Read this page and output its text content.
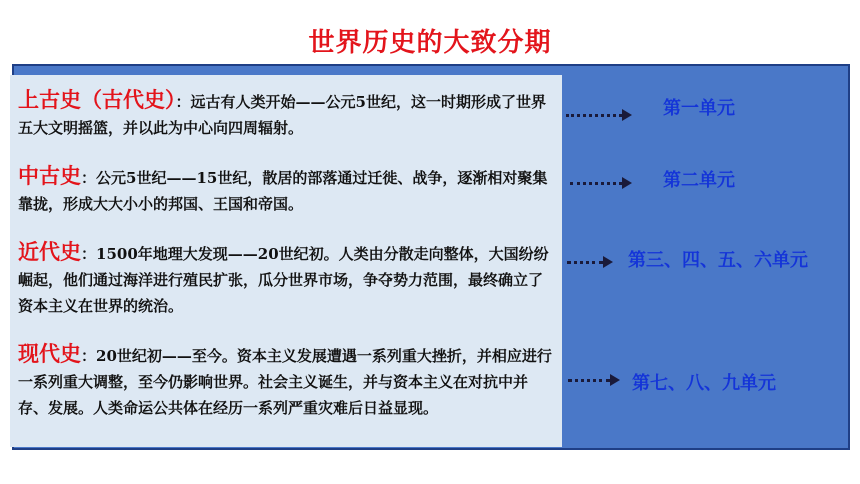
世界历史的大致分期

上古史（古代史）：远古有人类开始——公元5世纪，这一时期形成了世界五大文明摇篮，并以此为中心向四周辐射。

中古史：公元5世纪——15世纪，散居的部落通过迁徙、战争，逐渐相对聚集靠拢，形成大大小小的邦国、王国和帝国。

近代史：1500年地理大发现——20世纪初。人类由分散走向整体，大国纷纷崛起，他们通过海洋进行殖民扩张，瓜分世界市场，争夺势力范围，最终确立了资本主义在世界的统治。

现代史：20世纪初——至今。资本主义发展遭遇一系列重大挫折，并相应进行一系列重大调整，至今仍影响世界。社会主义诞生，并与资本主义在对抗中并存、发展。人类命运公共体在经历一系列严重灾难后日益显现。

第一单元
第二单元
第三、四、五、六单元
第七、八、九单元
